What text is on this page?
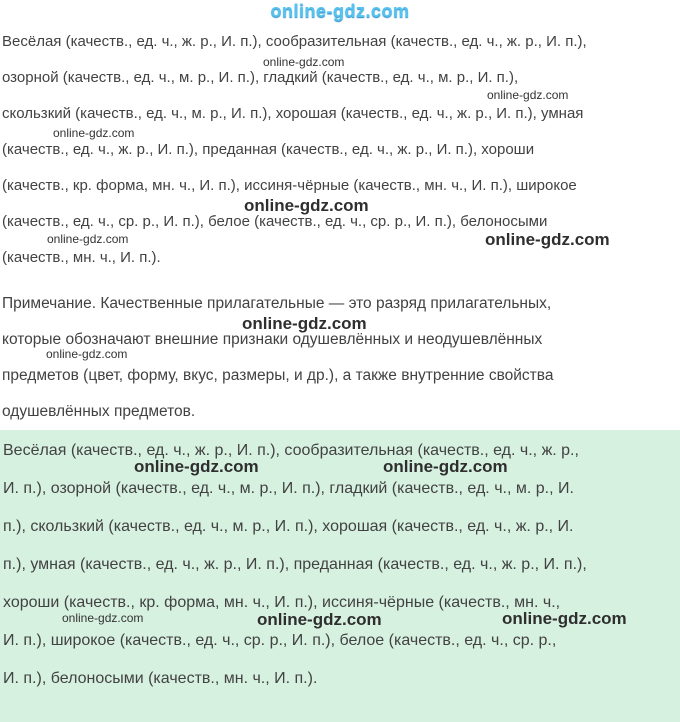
online-gdz.com
Весёлая (качеств., ед. ч., ж. р., И. п.), сообразительная (качеств., ед. ч., ж. р., И. п.),
озорной (качеств., ед. ч., м. р., И. п.), гладкий (качеств., ед. ч., м. р., И. п.),
скользкий (качеств., ед. ч., м. р., И. п.), хорошая (качеств., ед. ч., ж. р., И. п.), умная
(качеств., ед. ч., ж. р., И. п.), преданная (качеств., ед. ч., ж. р., И. п.), хороши
(качеств., кр. форма, мн. ч., И. п.), иссиня-чёрные (качеств., мн. ч., И. п.), широкое
(качеств., ед. ч., ср. р., И. п.), белое (качеств., ед. ч., ср. р., И. п.), белоносыми
(качеств., мн. ч., И. п.).
Примечание. Качественные прилагательные — это разряд прилагательных,
которые обозначают внешние признаки одушевлённых и неодушевлённых
предметов (цвет, форму, вкус, размеры, и др.), а также внутренние свойства
одушевлённых предметов.
Весёлая (качеств., ед. ч., ж. р., И. п.), сообразительная (качеств., ед. ч., ж. р.,
И. п.), озорной (качеств., ед. ч., м. р., И. п.), гладкий (качеств., ед. ч., м. р., И.
п.), скользкий (качеств., ед. ч., м. р., И. п.), хорошая (качеств., ед. ч., ж. р., И.
п.), умная (качеств., ед. ч., ж. р., И. п.), преданная (качеств., ед. ч., ж. р., И. п.),
хороши (качеств., кр. форма, мн. ч., И. п.), иссиня-чёрные (качеств., мн. ч.,
И. п.), широкое (качеств., ед. ч., ср. р., И. п.), белое (качеств., ед. ч., ср. р.,
И. п.), белоносыми (качеств., мн. ч., И. п.).
online-gdz.com
online-gdz.com
online-gdz.com
online-gdz.com
online-gdz.com	online-gdz.com
online-gdz.com
online-gdz.com
online-gdz.com	online-gdz.com
online-gdz.com	online-gdz.com	online-gdz.com
